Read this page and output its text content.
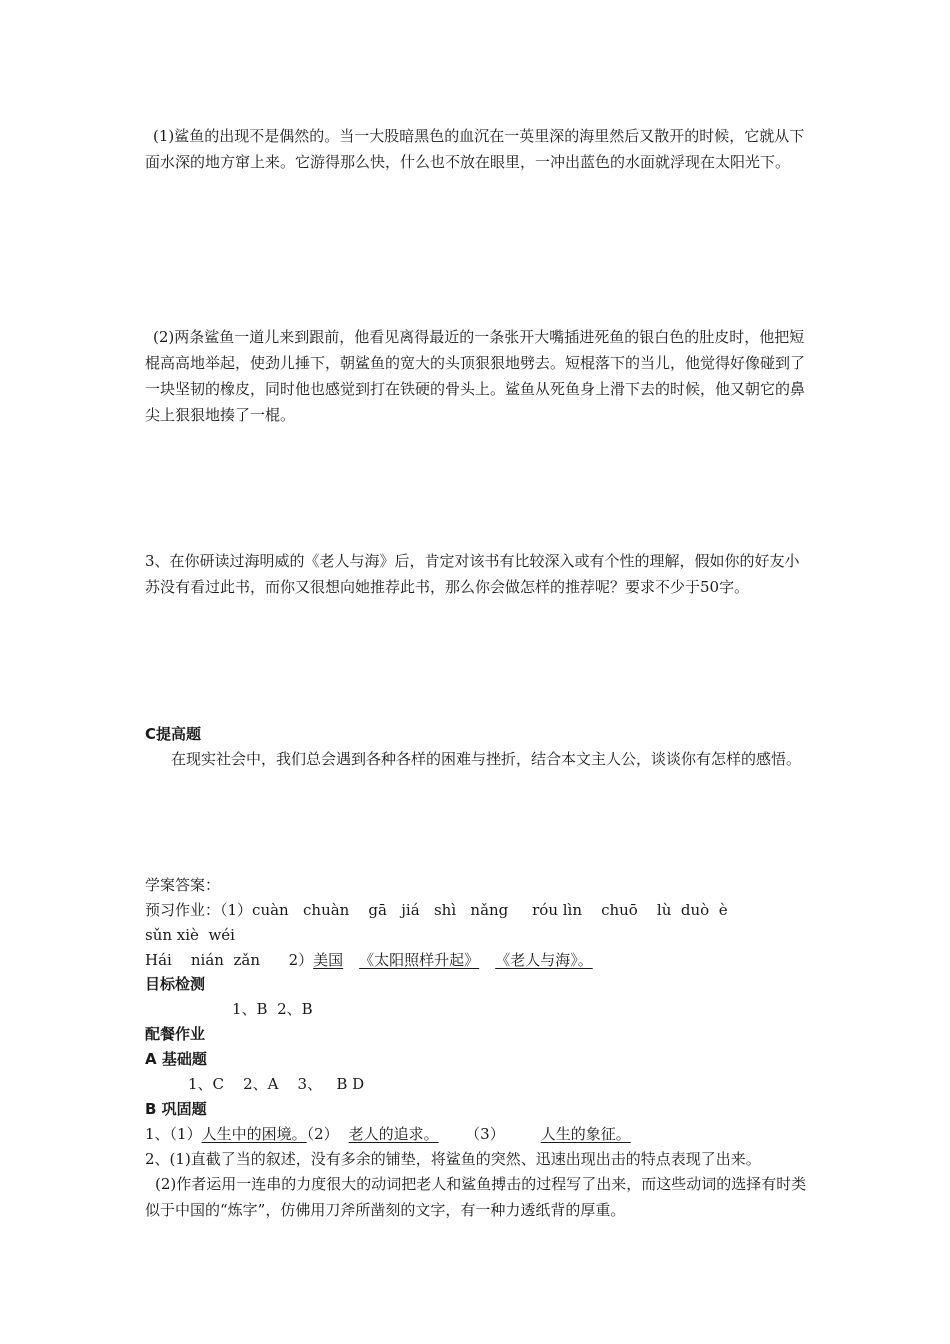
(1)鲨鱼的出现不是偶然的。当一大股暗黑色的血沉在一英里深的海里然后又散开的时候，它就从下面水深的地方窜上来。它游得那么快，什么也不放在眼里，一冲出蓝色的水面就浮现在太阳光下。

(2)两条鲨鱼一道儿来到跟前，他看见离得最近的一条张开大嘴插进死鱼的银白色的肚皮时，他把短棍高高地举起，使劲儿捶下，朝鲨鱼的宽大的头顶狠狠地劈去。短棍落下的当儿，他觉得好像碰到了一块坚韧的橡皮，同时他也感觉到打在铁硬的骨头上。鲨鱼从死鱼身上滑下去的时候，他又朝它的鼻尖上狠狠地揍了一棍。

3、在你研读过海明威的《老人与海》后，肯定对该书有比较深入或有个性的理解，假如你的好友小苏没有看过此书，而你又很想向她推荐此书，那么你会做怎样的推荐呢？要求不少于50字。

C提高题

在现实社会中，我们总会遇到各种各样的困难与挫折，结合本文主人公，谈谈你有怎样的感悟。

学案答案：
预习作业：（1）cuàn   chuàn    gā   jiá   shì   nǎng     róu lìn    chuō    lù  duò  è
sǔn xiè  wéi
Hái    nián  zǎn      2）美国 《太阳照样升起》 《老人与海》。
目标检测
1、B  2、B
配餐作业
A 基础题
1、C    2、A    3、   B D
B 巩固题
1、（1）人生中的困境。（2） 老人的追求。 （3） 人生的象征。
2、(1)直截了当的叙述，没有多余的铺垫，将鲨鱼的突然、迅速出现出击的特点表现了出来。

(2)作者运用一连串的力度很大的动词把老人和鲨鱼搏击的过程写了出来，而这些动词的选择有时类似于中国的“炼字”，仿佛用刀斧所凿刻的文字，有一种力透纸背的厚重。
